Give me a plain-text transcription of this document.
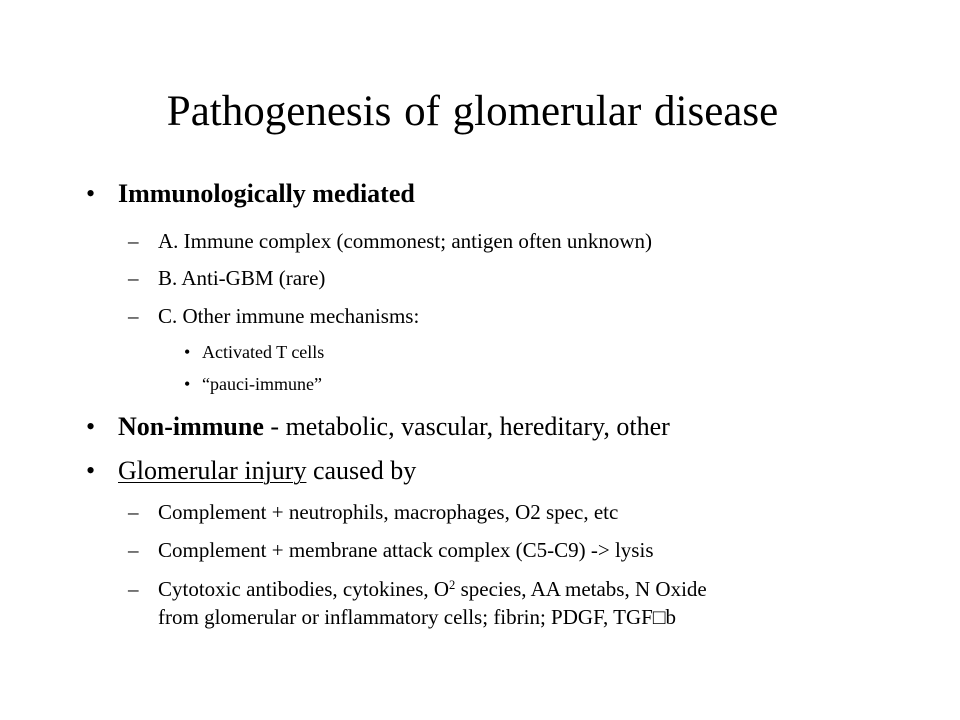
Pathogenesis of glomerular disease
• Immunologically mediated
– A. Immune complex (commonest; antigen often unknown)
– B. Anti-GBM (rare)
– C. Other immune mechanisms:
• Activated T cells
• “pauci-immune”
• Non-immune - metabolic, vascular, hereditary, other
• Glomerular injury caused by
– Complement + neutrophils, macrophages, O2 spec, etc
– Complement + membrane attack complex (C5-C9) -> lysis
– Cytotoxic antibodies, cytokines, $O^2$ species, AA metabs, N Oxide
from glomerular or inflammatory cells; fibrin; PDGF, TGF□b
